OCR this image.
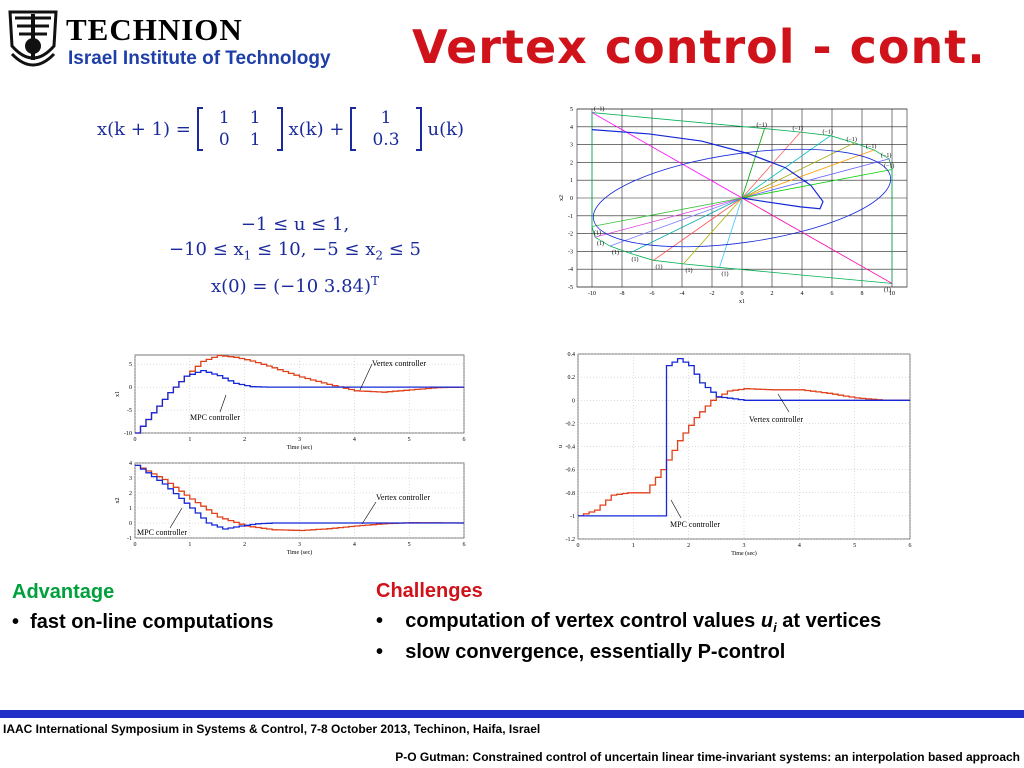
TECHNION
Israel Institute of Technology Vertex control - cont.
x(k + 1) =
1	1
0	1
x(k) +
1
0.3
u(k)
−1 ≤ u ≤ 1,
$-10 \le x_1 \le 10$, $-5 \le x_2 \le 5$
x(0) = (−10 3.84)$^T$
-10	-8	-6	-4	-2	0	2	4	6	8	10
-5
-4
-3
-2
-1
0
1
2
3
4
5
x1
x2
(−1)
(−1)
(−1)
(−1)
(−1)
(−1)
(−1)
(−1)
(1)
(1)
(1)
(1)
(1)
(1)
(1)
(1)
0	1	2	3	4	5	6
-10
-5
0
5
Time (sec)
x1
Vertex controller
MPC controller
0	1	2	3	4	5	6
-1
0
1
2
3
4
Time (sec)
x2	Vertex controller
MPC controller
0	1	2	3	4	5	6
-1.2
-1
-0.8
-0.6
-0.4
-0.2
0
0.2
0.4
Time (sec)
u
Vertex controller
MPC controller
Advantage
•  fast on-line computations
Challenges
•    computation of vertex control values $u_i$ at vertices
•    slow convergence, essentially P-control
IAAC International Symposium in Systems & Control, 7-8 October 2013, Techinon, Haifa, Israel
P-O Gutman: Constrained control of uncertain linear time-invariant systems: an interpolation based approach
